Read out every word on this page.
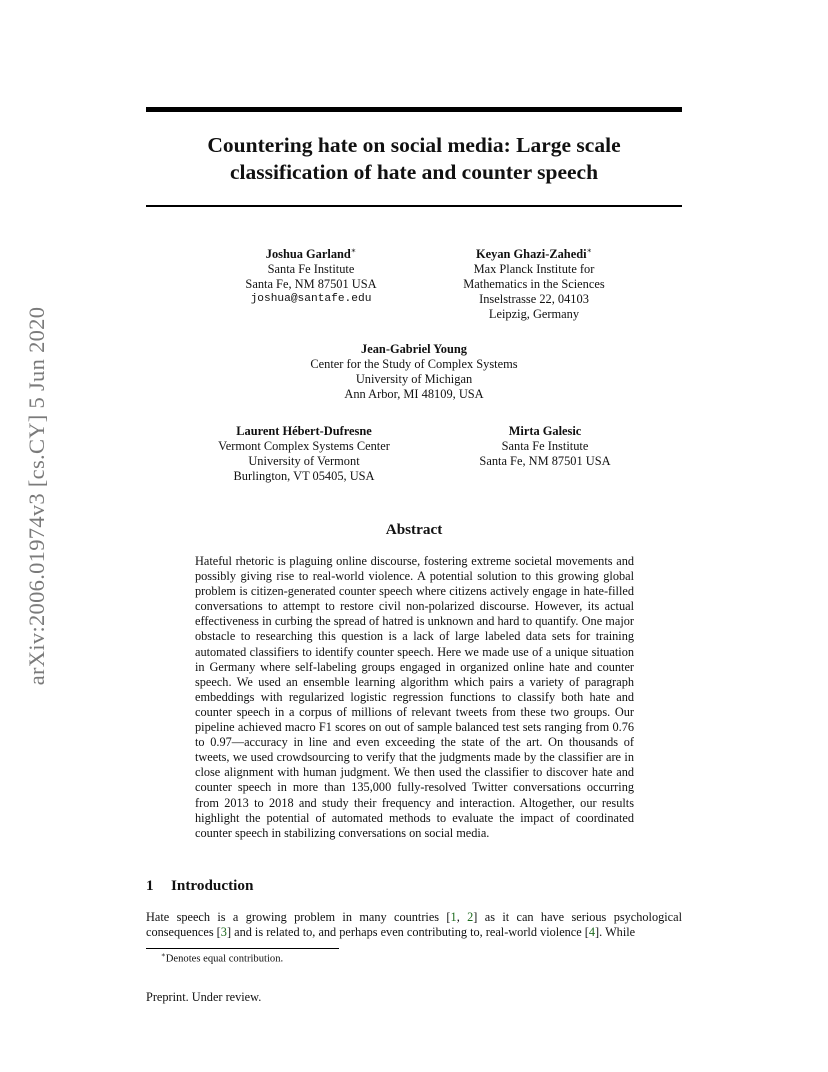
arXiv:2006.01974v3 [cs.CY] 5 Jun 2020
Countering hate on social media: Large scale
classification of hate and counter speech
Joshua Garland∗
Santa Fe Institute
Santa Fe, NM 87501 USA
joshua@santafe.edu
Keyan Ghazi-Zahedi∗
Max Planck Institute for
Mathematics in the Sciences
Inselstrasse 22, 04103
Leipzig, Germany
Jean-Gabriel Young
Center for the Study of Complex Systems
University of Michigan
Ann Arbor, MI 48109, USA
Laurent Hébert-Dufresne
Vermont Complex Systems Center
University of Vermont
Burlington, VT 05405, USA
Mirta Galesic
Santa Fe Institute
Santa Fe, NM 87501 USA
Abstract

Hateful rhetoric is plaguing online discourse, fostering extreme societal movements and possibly giving rise to real-world violence. A potential solution to this growing global problem is citizen-generated counter speech where citizens actively engage in hate-filled conversations to attempt to restore civil non-polarized discourse. However, its actual effectiveness in curbing the spread of hatred is unknown and hard to quantify. One major obstacle to researching this question is a lack of large labeled data sets for training automated classifiers to identify counter speech. Here we made use of a unique situation in Germany where self-labeling groups engaged in organized online hate and counter speech. We used an ensemble learning algorithm which pairs a variety of paragraph embeddings with regularized logistic regression functions to classify both hate and counter speech in a corpus of millions of relevant tweets from these two groups. Our pipeline achieved macro F1 scores on out of sample balanced test sets ranging from 0.76 to 0.97—accuracy in line and even exceeding the state of the art. On thousands of tweets, we used crowdsourcing to verify that the judgments made by the classifier are in close alignment with human judgment. We then used the classifier to discover hate and counter speech in more than 135,000 fully-resolved Twitter conversations occurring from 2013 to 2018 and study their frequency and interaction. Altogether, our results highlight the potential of automated methods to evaluate the impact of coordinated counter speech in stabilizing conversations on social media.

1 Introduction

Hate speech is a growing problem in many countries [1, 2] as it can have serious psychological consequences [3] and is related to, and perhaps even contributing to, real-world violence [4]. While

∗Denotes equal contribution.
Preprint. Under review.
